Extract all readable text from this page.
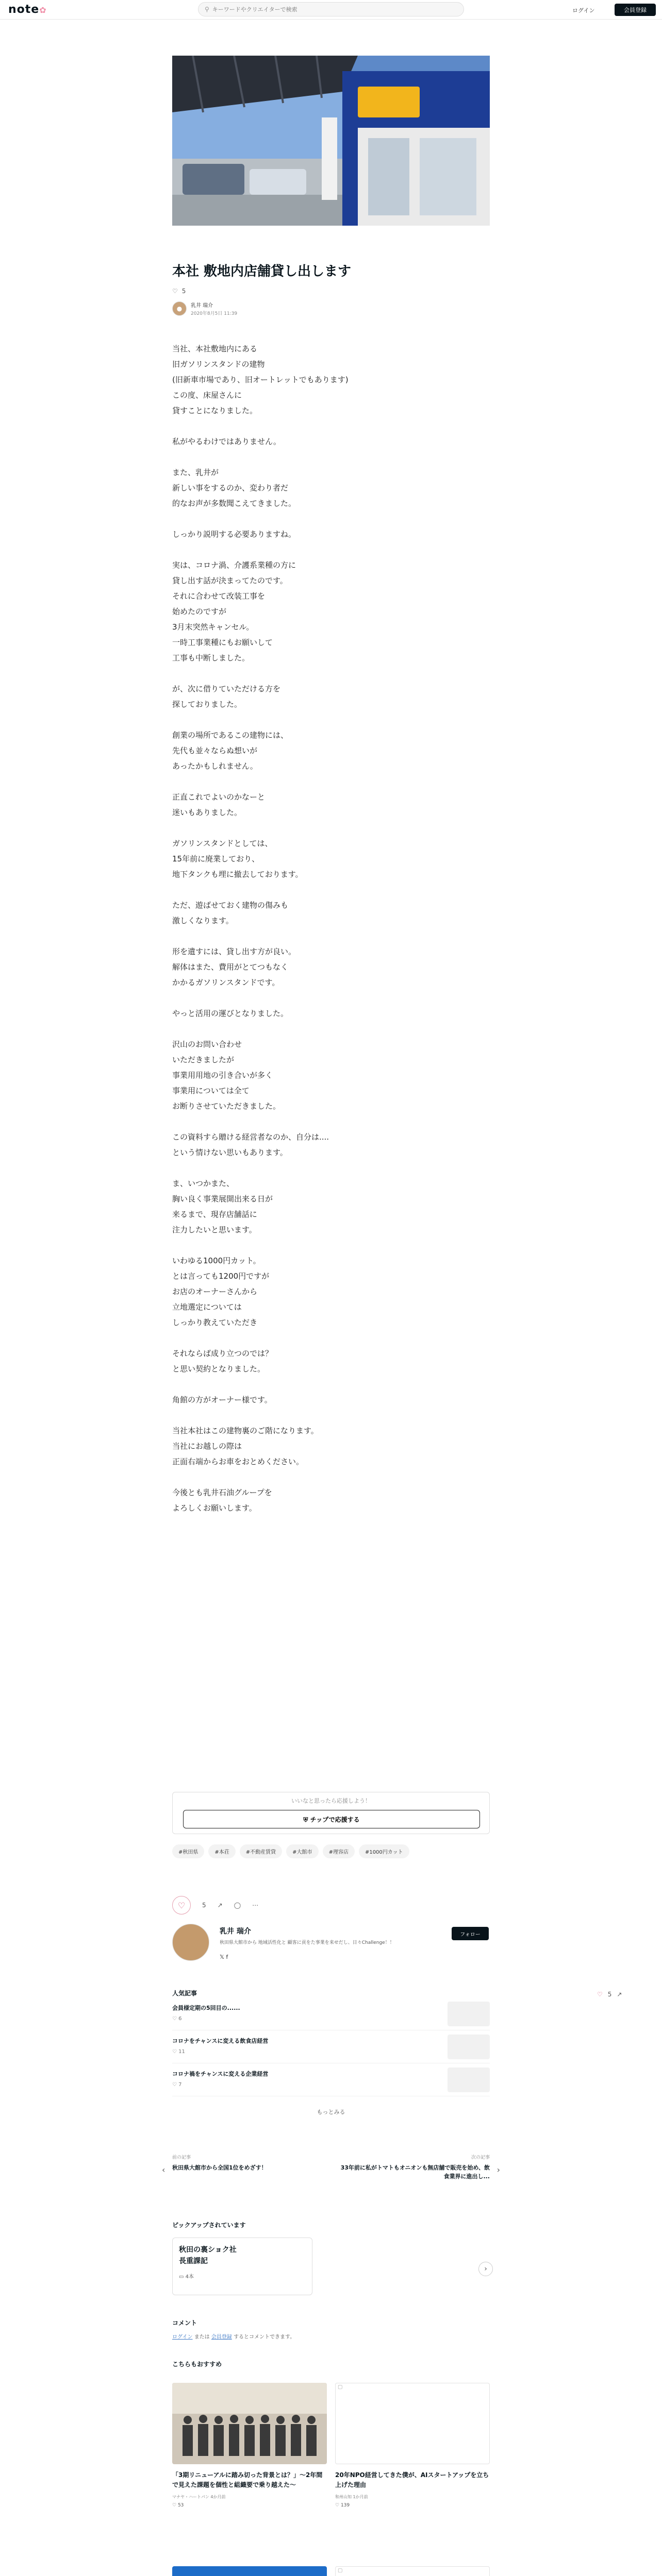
note✿	⚲
キーワードやクリエイターで検索	ログイン	会員登録
本社 敷地内店舗貸し出します
♡ 5
●	乳井 瑞介
2020年8月5日 11:39

当社、本社敷地内にある
旧ガソリンスタンドの建物
(旧新車市場であり、旧オートレットでもあります)
この度、床屋さんに
貸すことになりました。

私がやるわけではありません。

また、乳井が
新しい事をするのか、変わり者だ
的なお声が多数聞こえてきました。

しっかり説明する必要ありますね。

実は、コロナ渦、介護系業種の方に
貸し出す話が決まってたのです。
それに合わせて改装工事を
始めたのですが
3月末突然キャンセル。
一時工事業種にもお願いして
工事も中断しました。

が、次に借りていただける方を
探しておりました。

創業の場所であるこの建物には、
先代も並々ならぬ想いが
あったかもしれません。

正直これでよいのかなーと
迷いもありました。

ガソリンスタンドとしては、
15年前に廃業しており、
地下タンクも埋に撤去しております。

ただ、遊ばせておく建物の傷みも
激しくなります。

形を遺すには、貸し出す方が良い。
解体はまた、費用がとてつもなく
かかるガソリンスタンドです。

やっと活用の運びとなりました。

沢山のお問い合わせ
いただきましたが
事業用用地の引き合いが多く
事業用については全て
お断りさせていただきました。

この資料すら贈ける経営者なのか、自分は....
という情けない思いもあります。

ま、いつかまた、
胸い良く事業展開出来る日が
来るまで、現存店舗話に
注力したいと思います。

いわゆる1000円カット。
とは言っても1200円ですが
お店のオーナーさんから
立地選定については
しっかり教えていただき

それならば成り立つのでは？
と思い契約となりました。

角館の方がオーナー様です。

当社本社はこの建物裏のご階になります。
当社にお越しの際は
正面右端からお車をおとめください。

今後とも乳井石油グループを
よろしくお願いします。

いいなと思ったら応援しよう！
⛨ チップで応援する
#秋田県	#本荘	#不動産賃貸	#大館市	#理容店	#1000円カット
♡	5 ↗ ◯ ⋯
乳井 瑞介
秋田県大館市から 地域活性化と 顧客に貢をた事業を来せだし、日々Challenge！！
𝕏 f
フォロー
♡ 5 ↗
人気記事
会員様定期の5回目の......
♡ 6
コロナをチャンスに変える飲食店経営
♡ 11
コロナ禍をチャンスに変える企業経営
♡ 7
もっとみる
‹
前の記事
秋田県大館市から全国1位をめざす！	›
次の記事
33年前に私がトマトもオニオンも無店舗で販売を始め、飲食業界に進出し...
ピックアップされています
秋田の裏ショク社
長重課記
▭ 4本
›
コメント
ログイン または 会員登録 するとコメントできます。
こちらもおすすめ
「3期リニューアルに踏み切った背景とは？」～2年間で見えた課題を個性と組織要で乗り越えた～
マナヤ・ハートパン 4か月前
♡ 53
▢
20年NPO経営してきた僕が、AIスタートアップを立ち上げた理由
和州山知 1か月前
♡ 139
▢
